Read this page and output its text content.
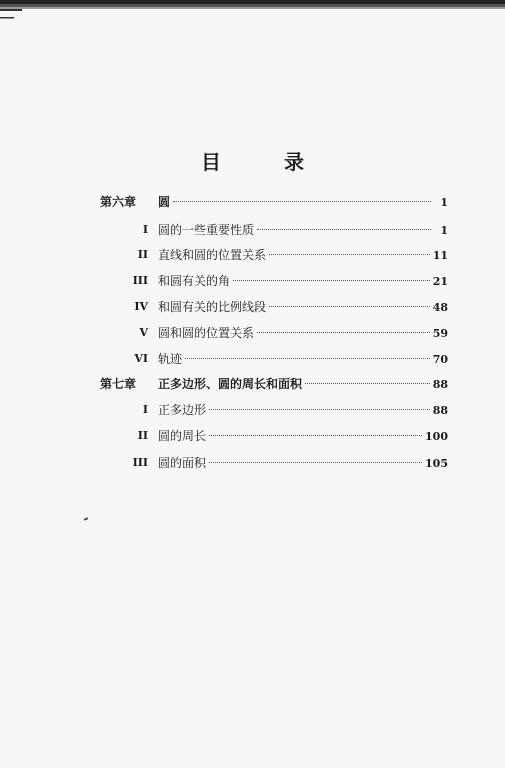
目 录
第六章 圆	1
I 圆的一些重要性质	1
II 直线和圆的位置关系	11
III 和圆有关的角	21
IV 和圆有关的比例线段	48
V 圆和圆的位置关系	59
VI 轨迹	70
第七章 正多边形、圆的周长和面积	88
I 正多边形	88
II 圆的周长	100
III 圆的面积	105
